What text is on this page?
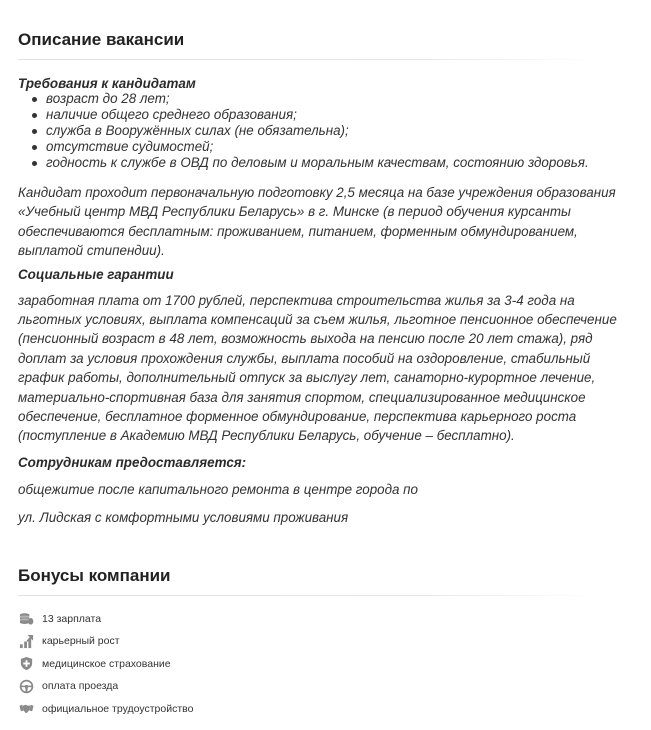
Описание вакансии
Требования к кандидатам
возраст до 28 лет;
наличие общего среднего образования;
служба в Вооружённых силах (не обязательна);
отсутствие судимостей;
годность к службе в ОВД по деловым и моральным качествам, состоянию здоровья.

Кандидат проходит первоначальную подготовку 2,5 месяца на базе учреждения образования «Учебный центр МВД Республики Беларусь» в г. Минске (в период обучения курсанты обеспечиваются бесплатным: проживанием, питанием, форменным обмундированием, выплатой стипендии).

Социальные гарантии

заработная плата от 1700 рублей, перспектива строительства жилья за 3-4 года на льготных условиях, выплата компенсаций за съем жилья, льготное пенсионное обеспечение (пенсионный возраст в 48 лет, возможность выхода на пенсию после 20 лет стажа), ряд доплат за условия прохождения службы, выплата пособий на оздоровление, стабильный график работы, дополнительный отпуск за выслугу лет, санаторно-курортное лечение, материально-спортивная база для занятия спортом, специализированное медицинское обеспечение, бесплатное форменное обмундирование, перспектива карьерного роста (поступление в Академию МВД Республики Беларусь, обучение – бесплатно).

Сотрудникам предоставляется:

общежитие после капитального ремонта в центре города по

ул. Лидская с комфортными условиями проживания

Бонусы компании
13 зарплата
карьерный рост
медицинское страхование
оплата проезда
официальное трудоустройство
